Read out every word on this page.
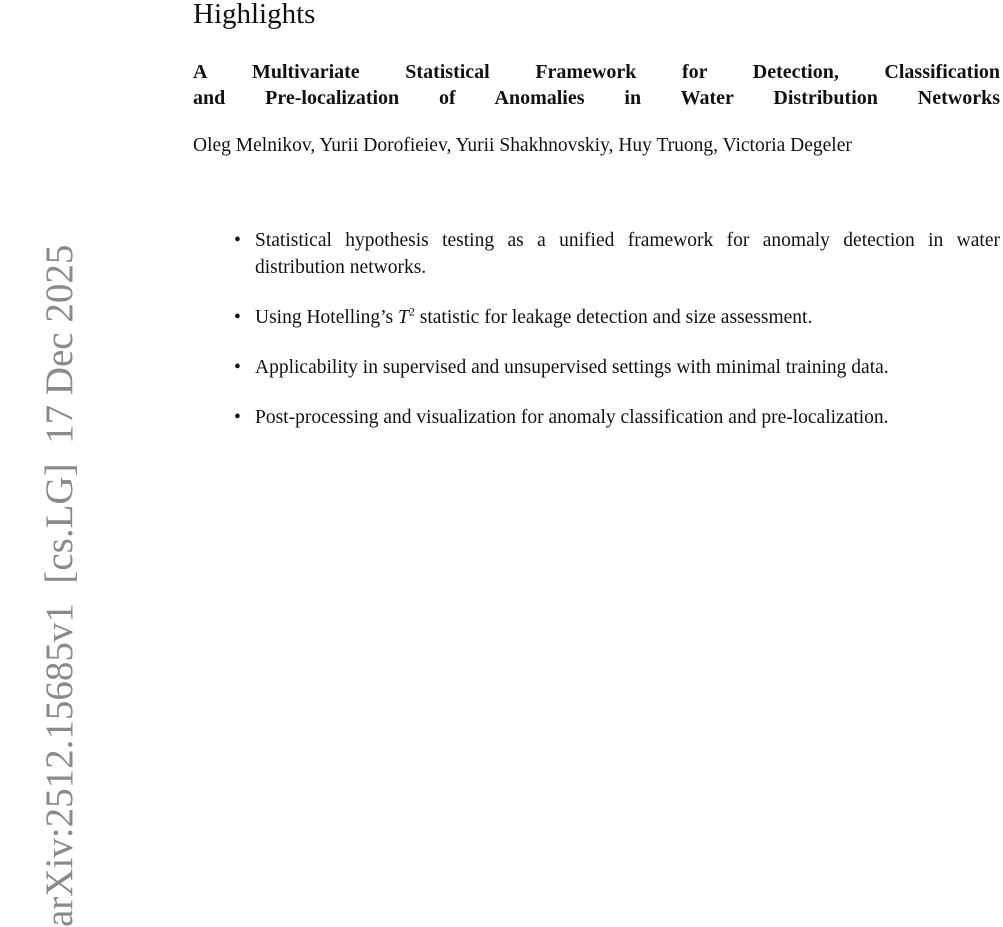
arXiv:2512.15685v1  [cs.LG]  17 Dec 2025
Highlights
A Multivariate Statistical Framework for Detection, Classification
and Pre-localization of Anomalies in Water Distribution Networks
Oleg Melnikov, Yurii Dorofieiev, Yurii Shakhnovskiy, Huy Truong, Victoria Degeler
• Statistical hypothesis testing as a unified framework for anomaly detection in water distribution networks.
• Using Hotelling’s $T^2$ statistic for leakage detection and size assessment.
• Applicability in supervised and unsupervised settings with minimal training data.
• Post-processing and visualization for anomaly classification and pre-localization.
